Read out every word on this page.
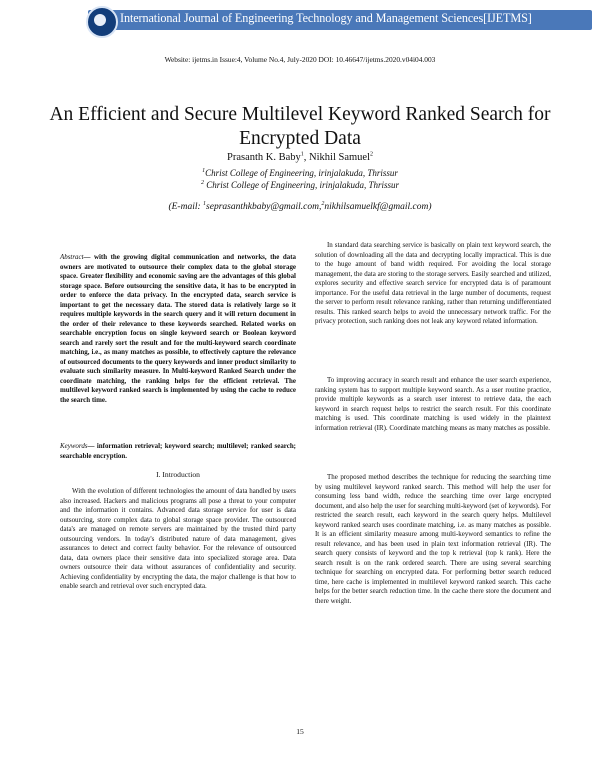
International Journal of Engineering Technology and Management Sciences[IJETMS]
Website: ijetms.in Issue:4, Volume No.4, July-2020 DOI: 10.46647/ijetms.2020.v04i04.003
An Efficient and Secure Multilevel Keyword Ranked Search for Encrypted Data
Prasanth K. Baby$^1$, Nikhil Samuel$^2$
$^1$Christ College of Engineering, irinjalakuda, Thrissur
$^2$ Christ College of Engineering, irinjalakuda, Thrissur
(E-mail: $^1$seprasanthkbaby@gmail.com,$^2$nikhilsamuelkf@gmail.com)
Abstract— with the growing digital communication and networks, the data owners are motivated to outsource their complex data to the global storage space. Greater flexibility and economic saving are the advantages of this global storage space. Before outsourcing the sensitive data, it has to be encrypted in order to enforce the data privacy. In the encrypted data, search service is important to get the necessary data. The stored data is relatively large so it requires multiple keywords in the search query and it will return document in the order of their relevance to these keywords searched. Related works on searchable encryption focus on single keyword search or Boolean keyword search and rarely sort the result and for the multi-keyword search coordinate matching, i.e., as many matches as possible, to effectively capture the relevance of outsourced documents to the query keywords and inner product similarity to evaluate such similarity measure. In Multi-keyword Ranked Search under the coordinate matching, the ranking helps for the efficient retrieval. The multilevel keyword ranked search is implemented by using the cache to reduce the search time.
Keywords— information retrieval; keyword search; multilevel; ranked search; searchable encryption.
I. Introduction
With the evolution of different technologies the amount of data handled by users also increased. Hackers and malicious programs all pose a threat to your computer and the information it contains. Advanced data storage service for user is data outsourcing, store complex data to global storage space provider. The outsourced data's are managed on remote servers are maintained by the trusted third party outsourcing vendors. In today's distributed nature of data management, gives assurances to detect and correct faulty behavior. For the relevance of outsourced data, data owners place their sensitive data into specialized storage area. Data owners outsource their data without assurances of confidentiality and security. Achieving confidentiality by encrypting the data, the major challenge is that how to enable search and retrieval over such encrypted data.
In standard data searching service is basically on plain text keyword search, the solution of downloading all the data and decrypting locally impractical. This is due to the huge amount of band width required. For avoiding the local storage management, the data are storing to the storage servers. Easily searched and utilized, explores security and effective search service for encrypted data is of paramount importance. For the useful data retrieval in the large number of documents, request the server to perform result relevance ranking, rather than returning undifferentiated results. This ranked search helps to avoid the unnecessary network traffic. For the privacy protection, such ranking does not leak any keyword related information.
To improving accuracy in search result and enhance the user search experience, ranking system has to support multiple keyword search. As a user routine practice, provide multiple keywords as a search user interest to retrieve data, the each keyword in search request helps to restrict the search result. For this coordinate matching is used. This coordinate matching is used widely in the plaintext information retrieval (IR). Coordinate matching means as many matches as possible.
The proposed method describes the technique for reducing the searching time by using multilevel keyword ranked search. This method will help the user for consuming less band width, reduce the searching time over large encrypted document, and also help the user for searching multi-keyword (set of keywords). For restricted the search result, each keyword in the search query helps. Multilevel keyword ranked search uses coordinate matching, i.e. as many matches as possible. It is an efficient similarity measure among multi-keyword semantics to refine the result relevance, and has been used in plain text information retrieval (IR). The search query consists of keyword and the top k retrieval (top k rank). Here the search result is on the rank ordered search. There are using several searching technique for searching on encrypted data. For performing better search reduced time, here cache is implemented in multilevel keyword ranked search. This cache helps for the better search reduction time. In the cache there store the document and there weight.
15
